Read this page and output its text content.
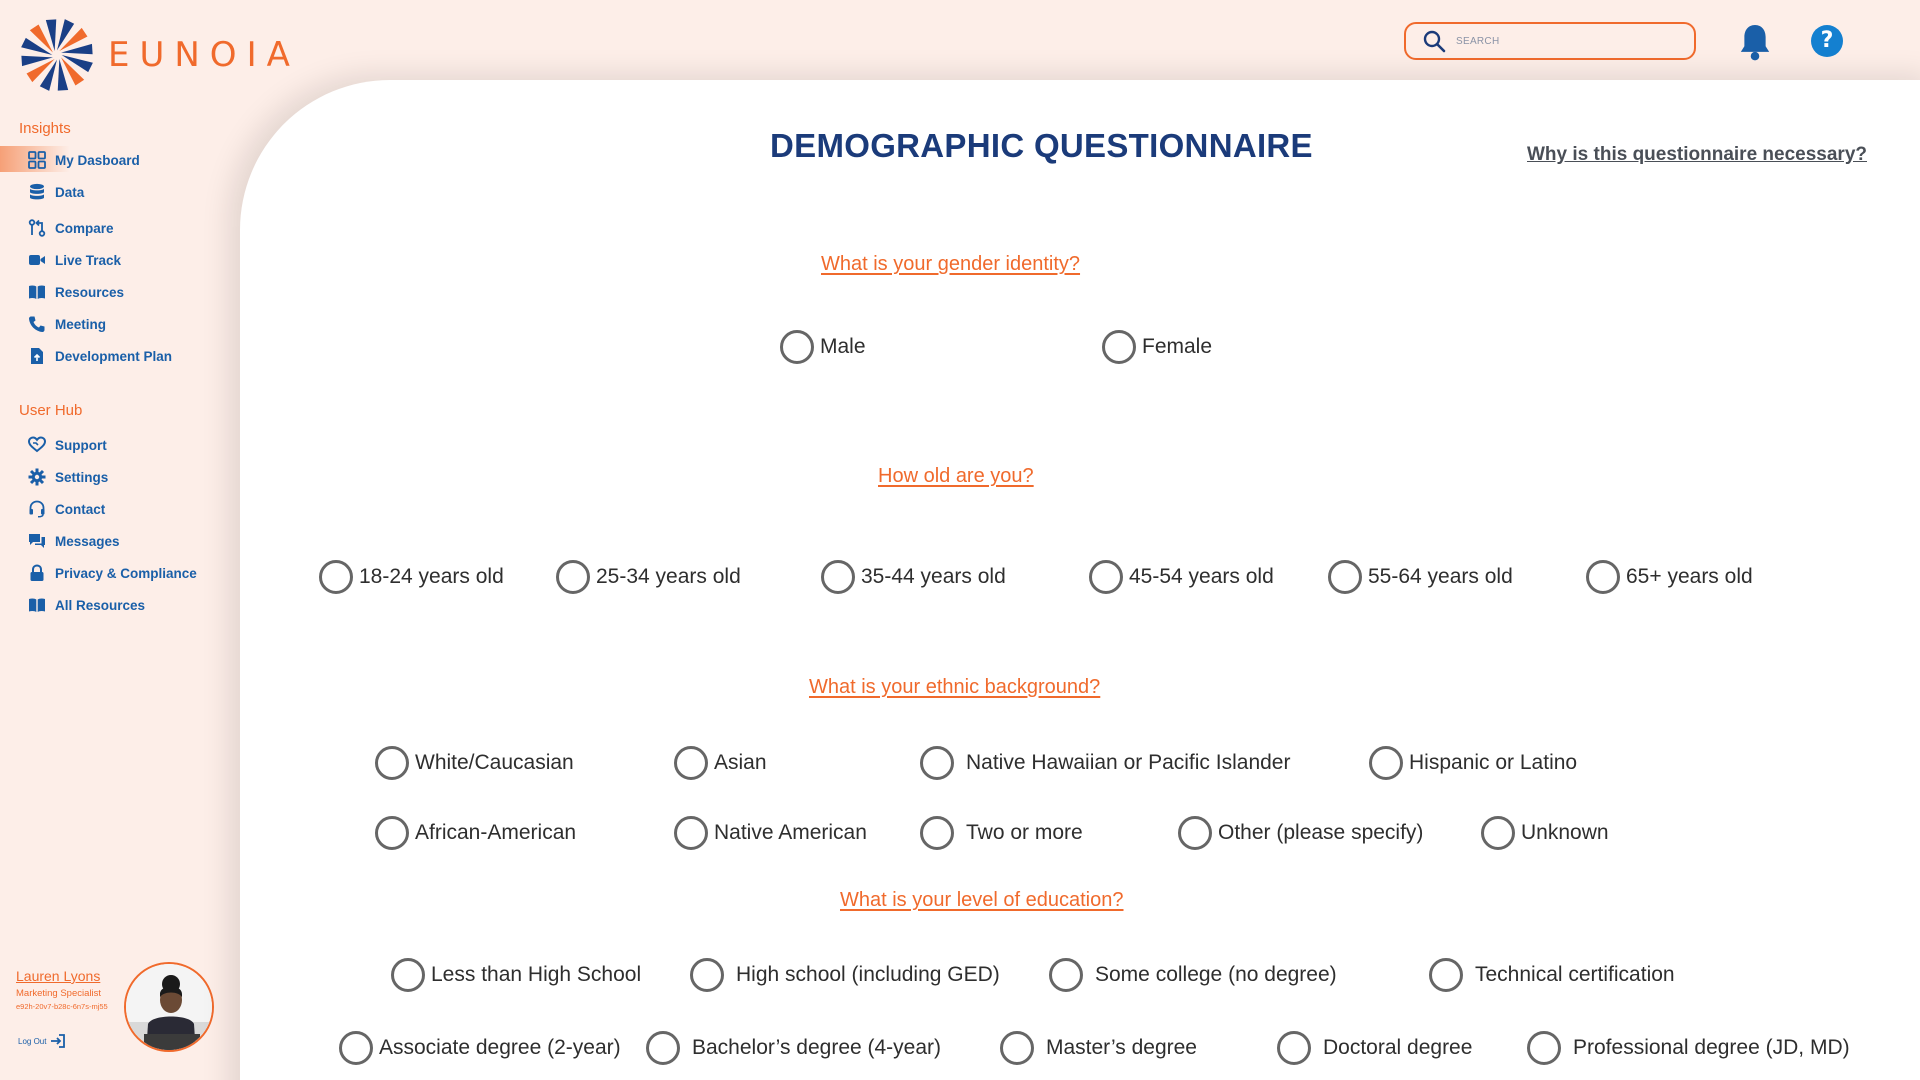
EUNOIA
SEARCH	?
Insights
My Dasboard
Data
Compare
Live Track
Resources
Meeting
Development Plan
User Hub
Support
Settings
Contact
Messages
Privacy & Compliance
All Resources
Lauren Lyons
Marketing Specialist
e92h-20v7-b28c-6n7s-mj55
Log Out
DEMOGRAPHIC QUESTIONNAIRE	Why is this questionnaire necessary?
What is your gender identity?
Male	Female
How old are you?
18-24 years old	25-34 years old	35-44 years old	45-54 years old	55-64 years old	65+ years old
What is your ethnic background?
White/Caucasian	Asian	Native Hawaiian or Pacific Islander	Hispanic or Latino
African-American	Native American	Two or more	Other (please specify)	Unknown
What is your level of education?
Less than High School	High school (including GED)	Some college (no degree)	Technical certification
Associate degree (2-year)	Bachelor’s degree (4-year)	Master’s degree	Doctoral degree	Professional degree (JD, MD)
